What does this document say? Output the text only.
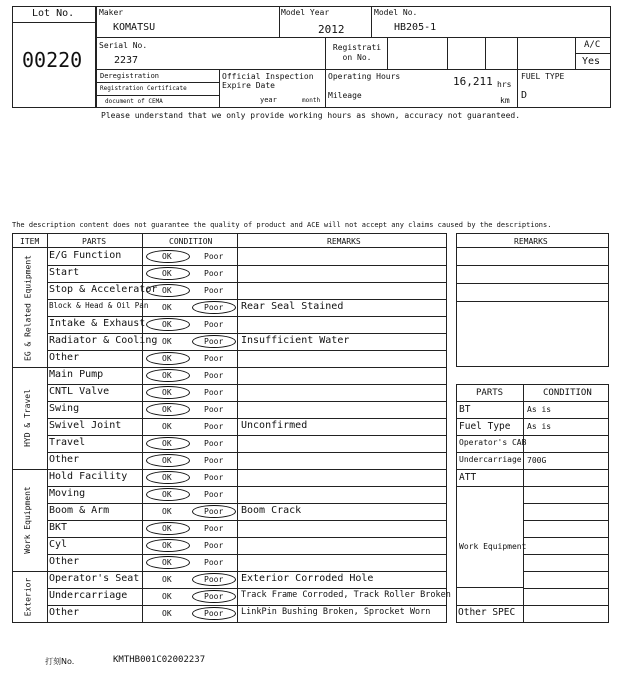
Lot No.
00220
Maker
KOMATSU
Model Year
2012
Model No.
HB205-1
Serial No.
2237
Registrati on No.
A/C
Yes
Deregistration
Registration Certificate
document of CEMA
Official Inspection Expire Date
year	month
Operating Hours	16,211 hrs
Mileage
km
FUEL TYPE
D
Please understand that we only provide working hours as shown, accuracy not guaranteed.
The description content does not guarantee the quality of product and ACE will not accept any claims caused by the descriptions.
ITEM	PARTS	CONDITION	REMARKS
E/G Function	OK	Poor
Start	OK	Poor
Stop & Accelerator OK	Poor
Block & Head & Oil Pan OK	Poor Rear Seal Stained
Intake & Exhaust OK	Poor
Radiator & Cooling OK	Poor Insufficient Water
Other	OK	Poor
EG & Related Equipment
Main Pump	OK	Poor
CNTL Valve	OK	Poor
Swing	OK	Poor
Swivel Joint	OK	Poor Unconfirmed
Travel	OK	Poor
Other	OK	Poor
HYD & Travel
Hold Facility	OK	Poor
Moving	OK	Poor
Boom & Arm	OK	Poor Boom Crack
BKT	OK	Poor
Cyl	OK	Poor
Other	OK	Poor
Work Equipment
Operator's Seat	OK	Poor Exterior Corroded Hole
Undercarriage	OK	Poor Track Frame Corroded, Track Roller Broken
Other	OK	Poor LinkPin Bushing Broken, Sprocket Worn
Exterior
REMARKS
PARTS	CONDITION
BT	As is
Fuel Type As is
Operator's CAB
Undercarriage 700G
ATT
Work Equipment
Other SPEC
打刻No.	KMTHB001C02002237
